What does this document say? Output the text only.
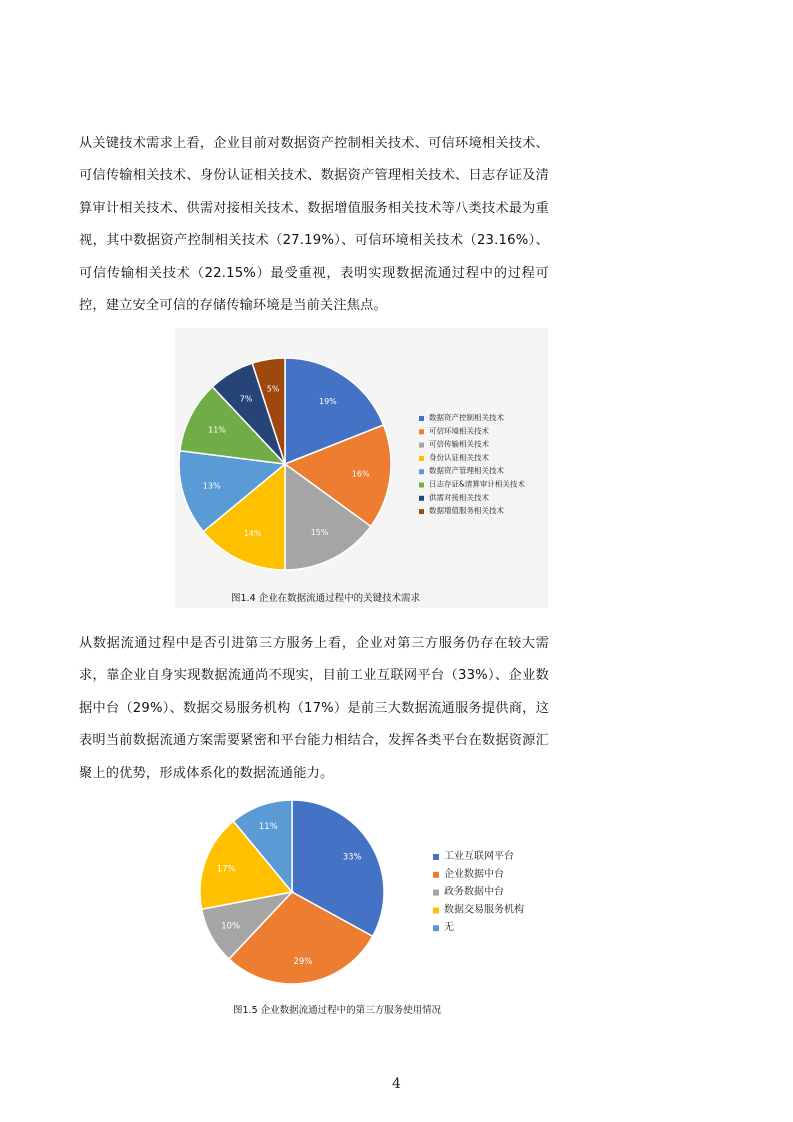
从关键技术需求上看，企业目前对数据资产控制相关技术、可信环境相关技术、可信传输相关技术、身份认证相关技术、数据资产管理相关技术、日志存证及清算审计相关技术、供需对接相关技术、数据增值服务相关技术等八类技术最为重视，其中数据资产控制相关技术（27.19%）、可信环境相关技术（23.16%）、可信传输相关技术（22.15%）最受重视，表明实现数据流通过程中的过程可控，建立安全可信的存储传输环境是当前关注焦点。

19%
16%
15%
14%
13%
11%
7%
5%
数据资产控制相关技术
可信环境相关技术
可信传输相关技术
身份认证相关技术
数据资产管理相关技术
日志存证&清算审计相关技术
供需对接相关技术
数据增值服务相关技术
图1.4 企业在数据流通过程中的关键技术需求

从数据流通过程中是否引进第三方服务上看，企业对第三方服务仍存在较大需求，靠企业自身实现数据流通尚不现实，目前工业互联网平台（33%）、企业数据中台（29%）、数据交易服务机构（17%）是前三大数据流通服务提供商，这表明当前数据流通方案需要紧密和平台能力相结合，发挥各类平台在数据资源汇聚上的优势，形成体系化的数据流通能力。

33%
29%
10%
17%
11%
工业互联网平台
企业数据中台
政务数据中台
数据交易服务机构
无
图1.5 企业数据流通过程中的第三方服务使用情况
4
